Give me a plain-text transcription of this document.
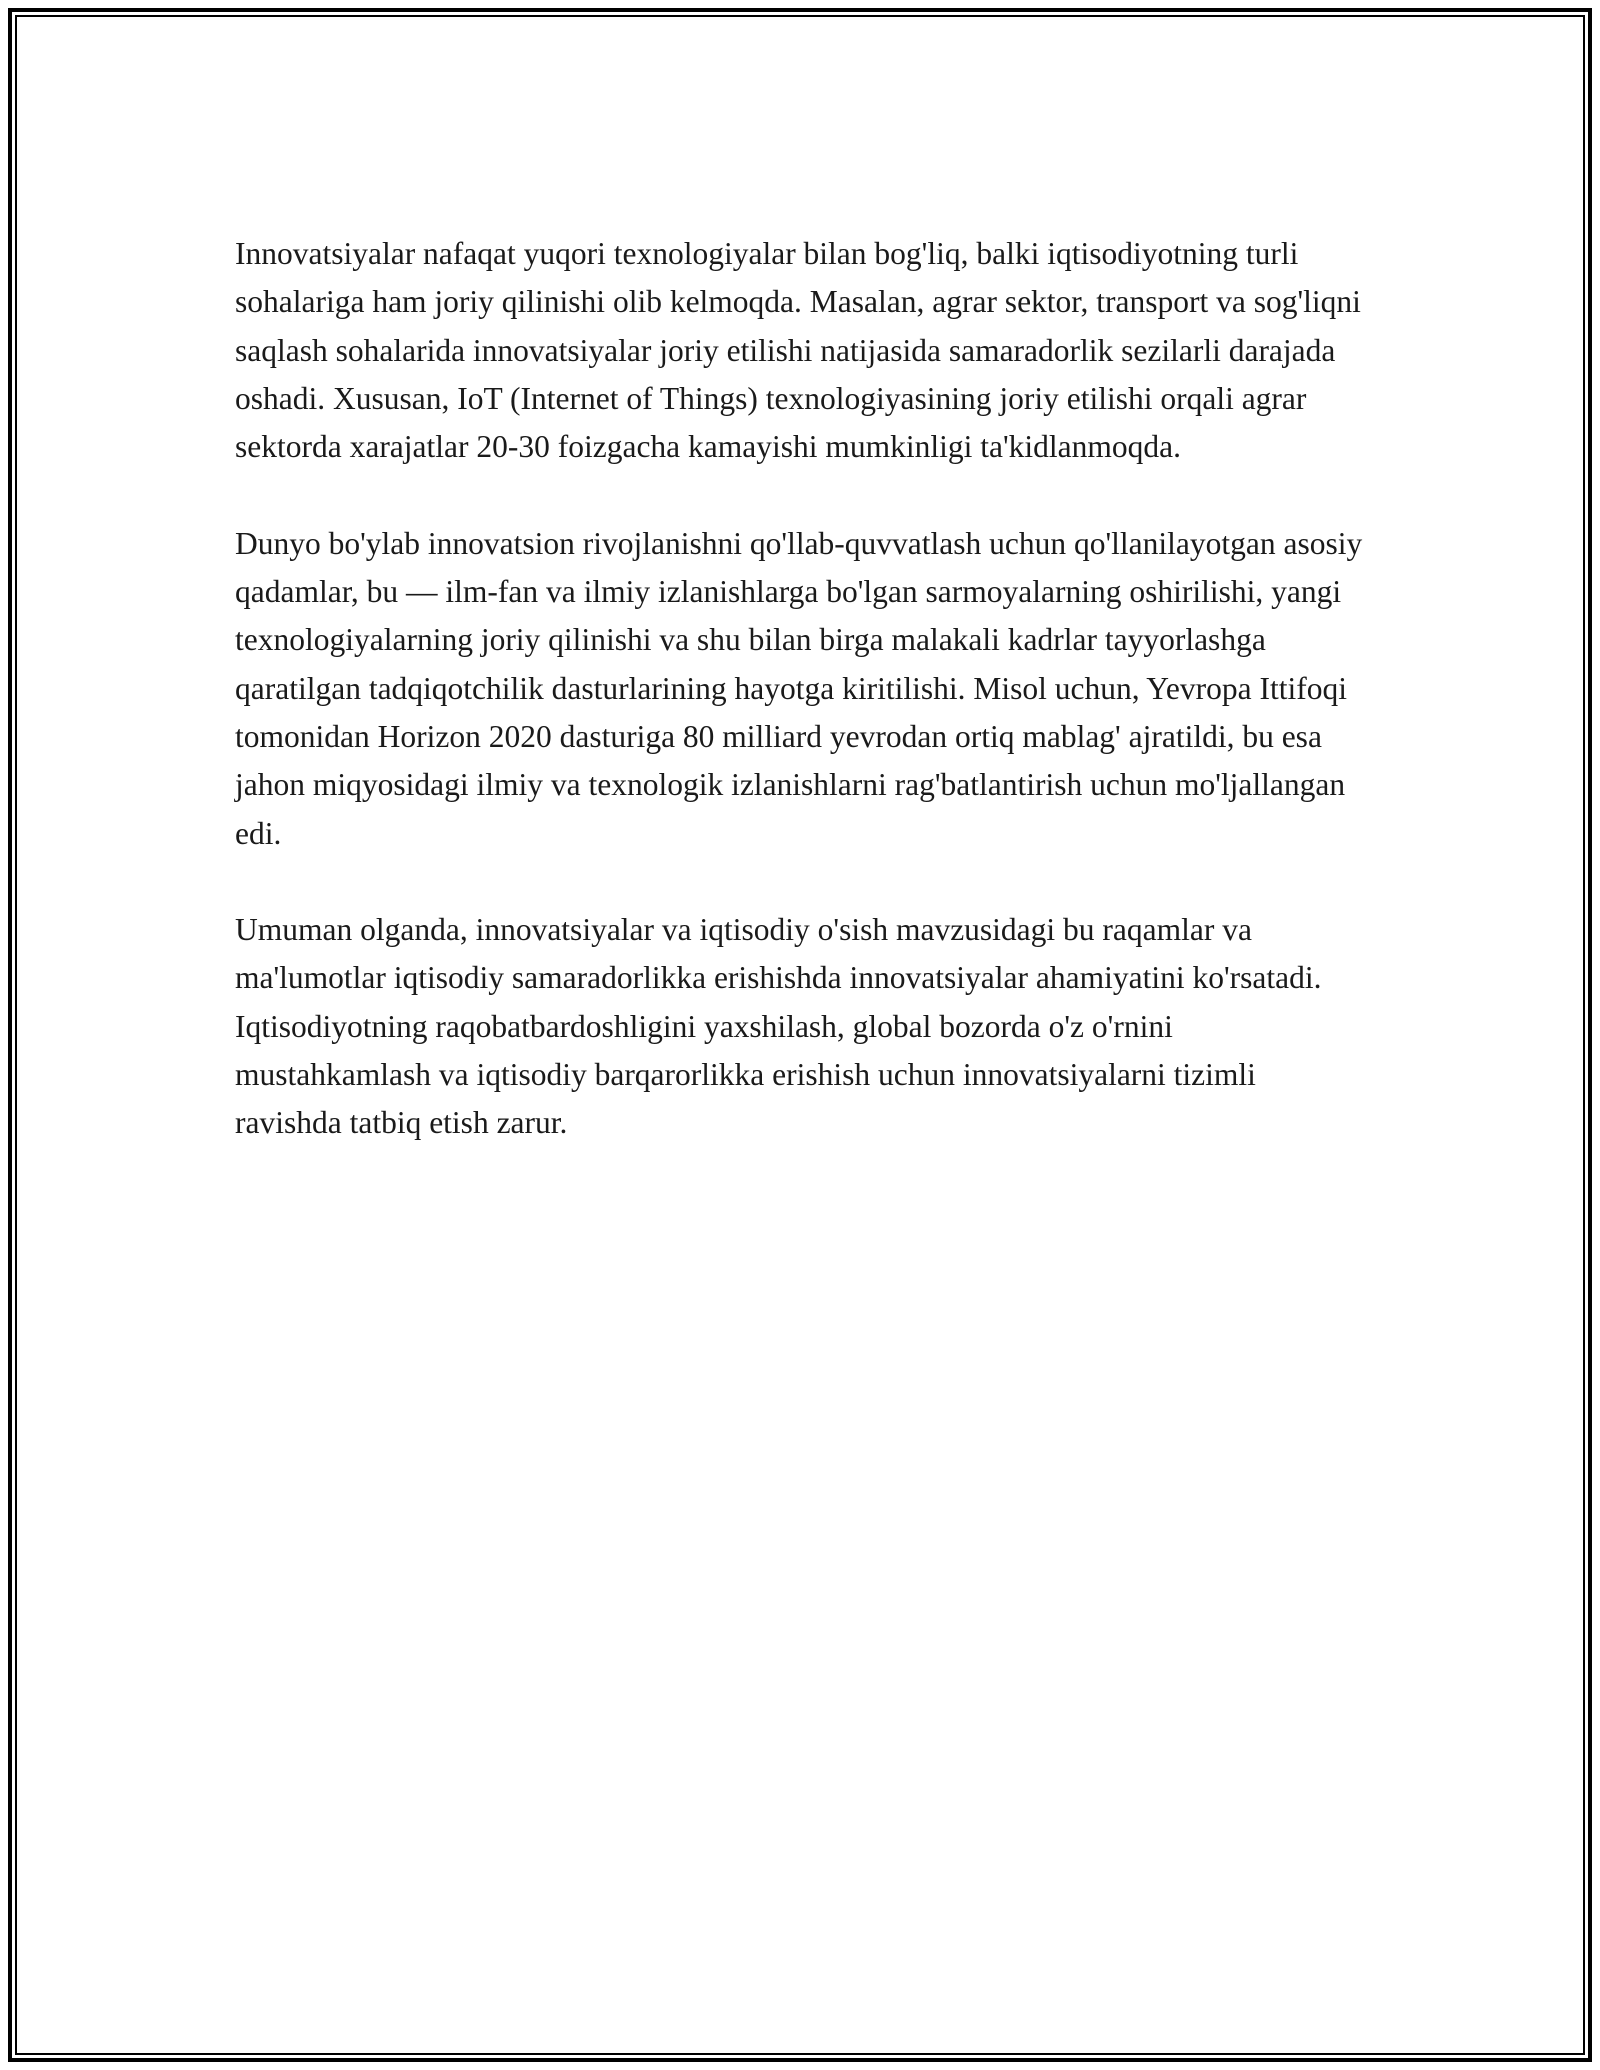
Innovatsiyalar nafaqat yuqori texnologiyalar bilan bog'liq, balki iqtisodiyotning turli sohalariga ham joriy qilinishi olib kelmoqda. Masalan, agrar sektor, transport va sog'liqni saqlash sohalarida innovatsiyalar joriy etilishi natijasida samaradorlik sezilarli darajada oshadi. Xususan, IoT (Internet of Things) texnologiyasining joriy etilishi orqali agrar sektorda xarajatlar 20-30 foizgacha kamayishi mumkinligi ta'kidlanmoqda.

Dunyo bo'ylab innovatsion rivojlanishni qo'llab-quvvatlash uchun qo'llanilayotgan asosiy qadamlar, bu — ilm-fan va ilmiy izlanishlarga bo'lgan sarmoyalarning oshirilishi, yangi texnologiyalarning joriy qilinishi va shu bilan birga malakali kadrlar tayyorlashga qaratilgan tadqiqotchilik dasturlarining hayotga kiritilishi. Misol uchun, Yevropa Ittifoqi tomonidan Horizon 2020 dasturiga 80 milliard yevrodan ortiq mablag' ajratildi, bu esa jahon miqyosidagi ilmiy va texnologik izlanishlarni rag'batlantirish uchun mo'ljallangan edi.

Umuman olganda, innovatsiyalar va iqtisodiy o'sish mavzusidagi bu raqamlar va ma'lumotlar iqtisodiy samaradorlikka erishishda innovatsiyalar ahamiyatini ko'rsatadi. Iqtisodiyotning raqobatbardoshligini yaxshilash, global bozorda o'z o'rnini mustahkamlash va iqtisodiy barqarorlikka erishish uchun innovatsiyalarni tizimli ravishda tatbiq etish zarur.
